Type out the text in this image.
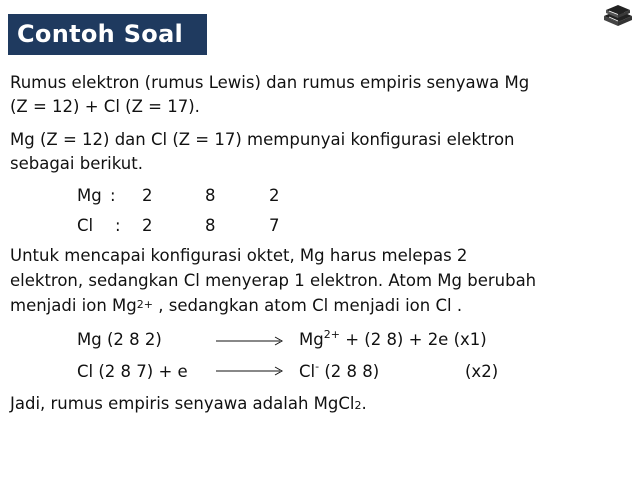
Contoh Soal
Rumus elektron (rumus Lewis) dan rumus empiris senyawa Mg
(Z = 12) + Cl (Z = 17).
Mg (Z = 12) dan Cl (Z = 17) mempunyai konfigurasi elektron
sebagai berikut.
Mg : 2	8	2
Cl : 2	8	7
Untuk mencapai konfigurasi oktet, Mg harus melepas 2
elektron, sedangkan Cl menyerap 1 elektron. Atom Mg berubah
menjadi ion Mg2+ , sedangkan atom Cl menjadi ion Cl .
Mg (2 8 2)	$Mg^{2+} + (2$ 8) + 2e (x1)
Cl (2 8 7) + e	Cl- (2 8 8)	(x2)
Jadi, rumus empiris senyawa adalah MgCl2.
